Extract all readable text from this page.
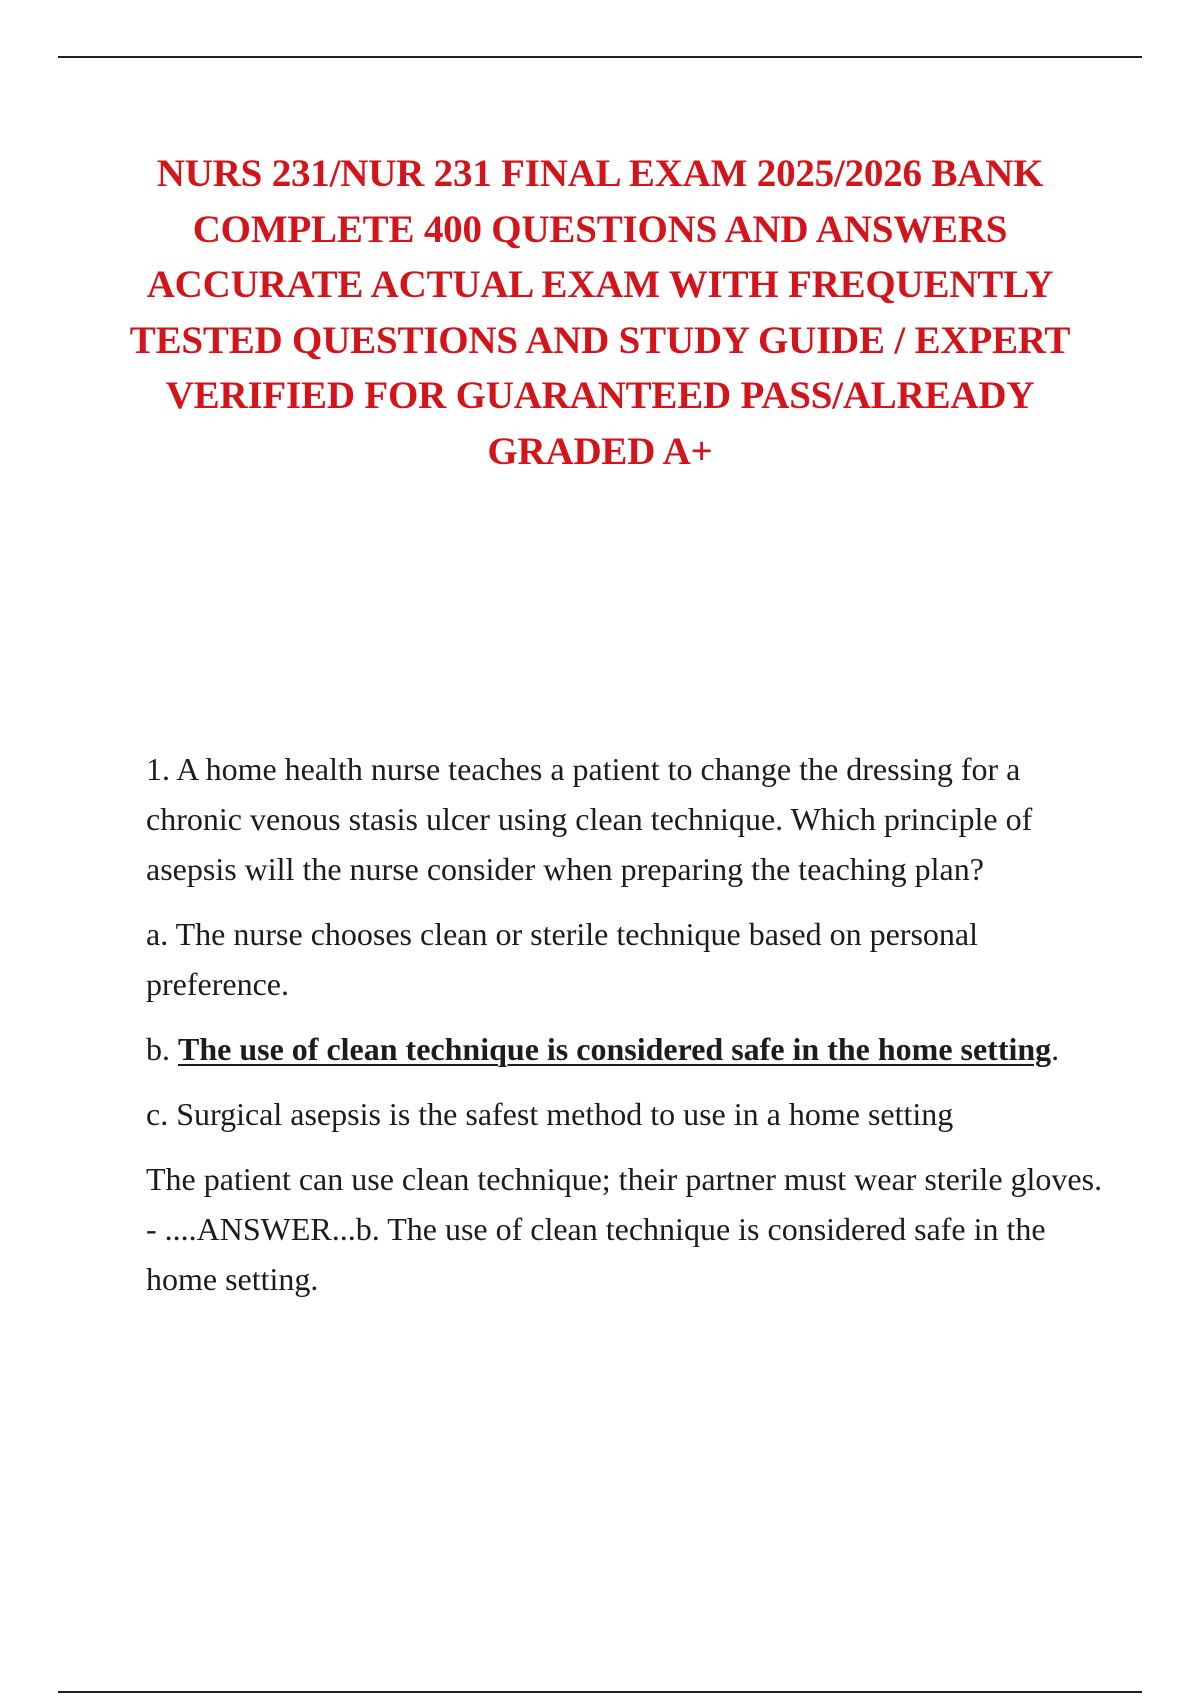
NURS 231/NUR 231 FINAL EXAM 2025/2026 BANK COMPLETE 400 QUESTIONS AND ANSWERS ACCURATE ACTUAL EXAM WITH FREQUENTLY TESTED QUESTIONS AND STUDY GUIDE / EXPERT VERIFIED FOR GUARANTEED PASS/ALREADY GRADED A+

1. A home health nurse teaches a patient to change the dressing for a chronic venous stasis ulcer using clean technique. Which principle of asepsis will the nurse consider when preparing the teaching plan?

a. The nurse chooses clean or sterile technique based on personal preference.

b. The use of clean technique is considered safe in the home setting.

c. Surgical asepsis is the safest method to use in a home setting

The patient can use clean technique; their partner must wear sterile gloves. - ....ANSWER...b. The use of clean technique is considered safe in the home setting.
